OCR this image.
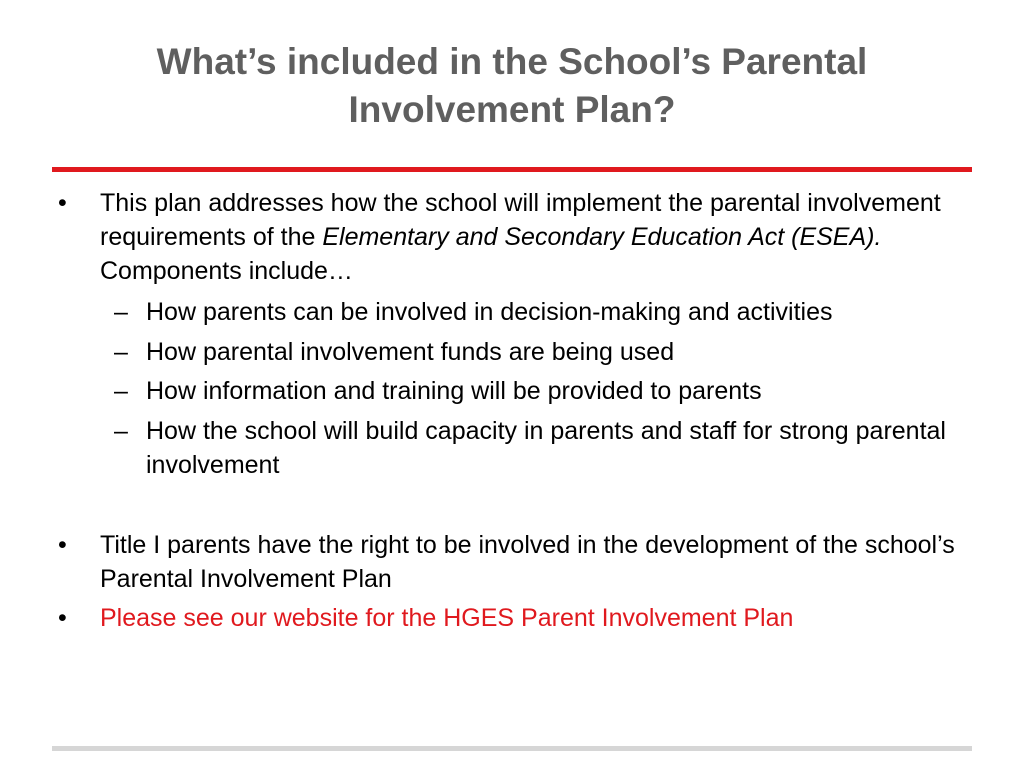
What’s included in the School’s Parental
Involvement Plan?
• This plan addresses how the school will implement the parental involvement requirements of the Elementary and Secondary Education Act (ESEA). Components include…
– How parents can be involved in decision-making and activities
– How parental involvement funds are being used
– How information and training will be provided to parents
– How the school will build capacity in parents and staff for strong parental involvement
• Title I parents have the right to be involved in the development of the school’s Parental Involvement Plan
• Please see our website for the HGES Parent Involvement Plan
